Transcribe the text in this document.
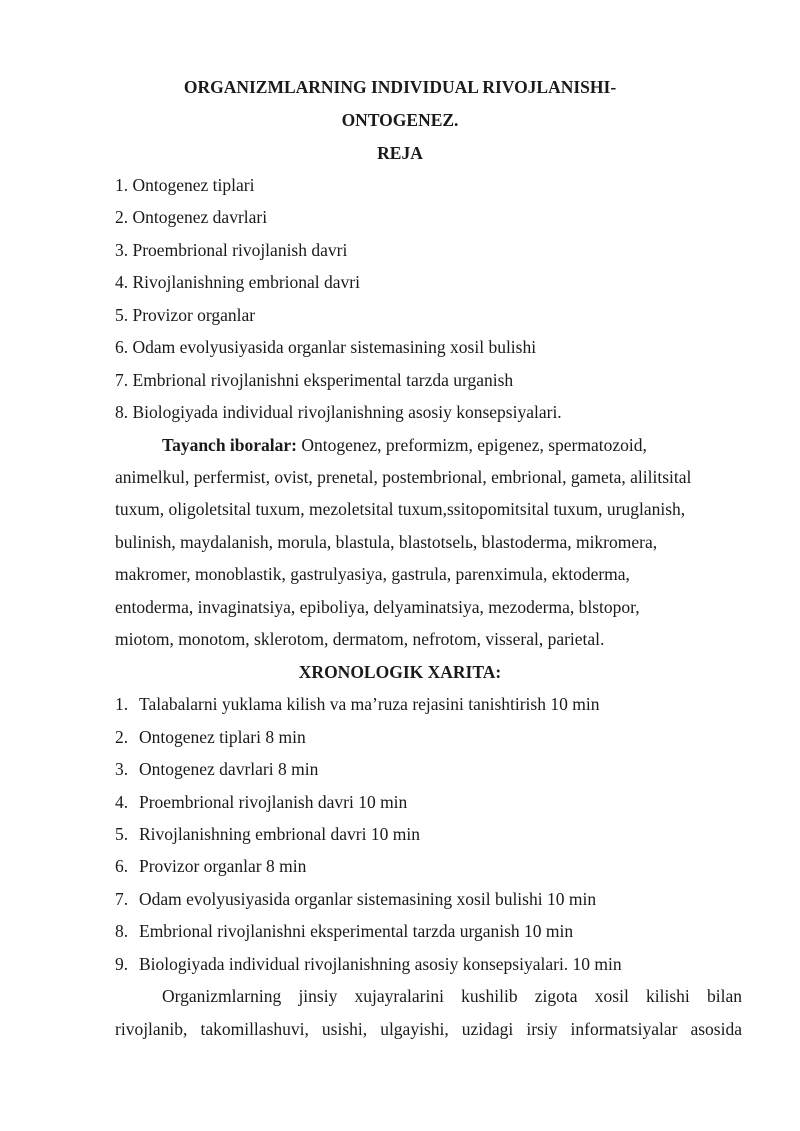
ORGANIZMLARNING INDIVIDUAL RIVOJLANISHI-
ONTOGENEZ.
REJA
1. Ontogenez tiplari
2. Ontogenez davrlari
3. Proembrional rivojlanish davri
4. Rivojlanishning embrional davri
5. Provizor organlar
6. Odam evolyusiyasida organlar sistemasining xosil bulishi
7. Embrional rivojlanishni eksperimental tarzda urganish
8. Biologiyada individual rivojlanishning asosiy konsepsiyalari.
Tayanch iboralar: Ontogenez, preformizm, epigenez, spermatozoid,
animelkul, perfermist, ovist, prenetal, postembrional, embrional, gameta, alilitsital
tuxum, oligoletsital tuxum, mezoletsital tuxum,ssitopomitsital tuxum, uruglanish,
bulinish, maydalanish, morula, blastula, blastotselь, blastoderma, mikromera,
makromer, monoblastik, gastrulyasiya, gastrula, parenximula, ektoderma,
entoderma, invaginatsiya, epiboliya, delyaminatsiya, mezoderma, blstopor,
miotom, monotom, sklerotom, dermatom, nefrotom, visseral, parietal.
XRONOLOGIK XARITA:
1. Talabalarni yuklama kilish va ma’ruza rejasini tanishtirish 10 min
2. Ontogenez tiplari 8 min
3. Ontogenez davrlari 8 min
4. Proembrional rivojlanish davri 10 min
5. Rivojlanishning embrional davri 10 min
6. Provizor organlar 8 min
7. Odam evolyusiyasida organlar sistemasining xosil bulishi 10 min
8. Embrional rivojlanishni eksperimental tarzda urganish 10 min
9. Biologiyada individual rivojlanishning asosiy konsepsiyalari. 10 min
Organizmlarning jinsiy xujayralarini kushilib zigota xosil kilishi bilan
rivojlanib, takomillashuvi, usishi, ulgayishi, uzidagi irsiy informatsiyalar asosida
